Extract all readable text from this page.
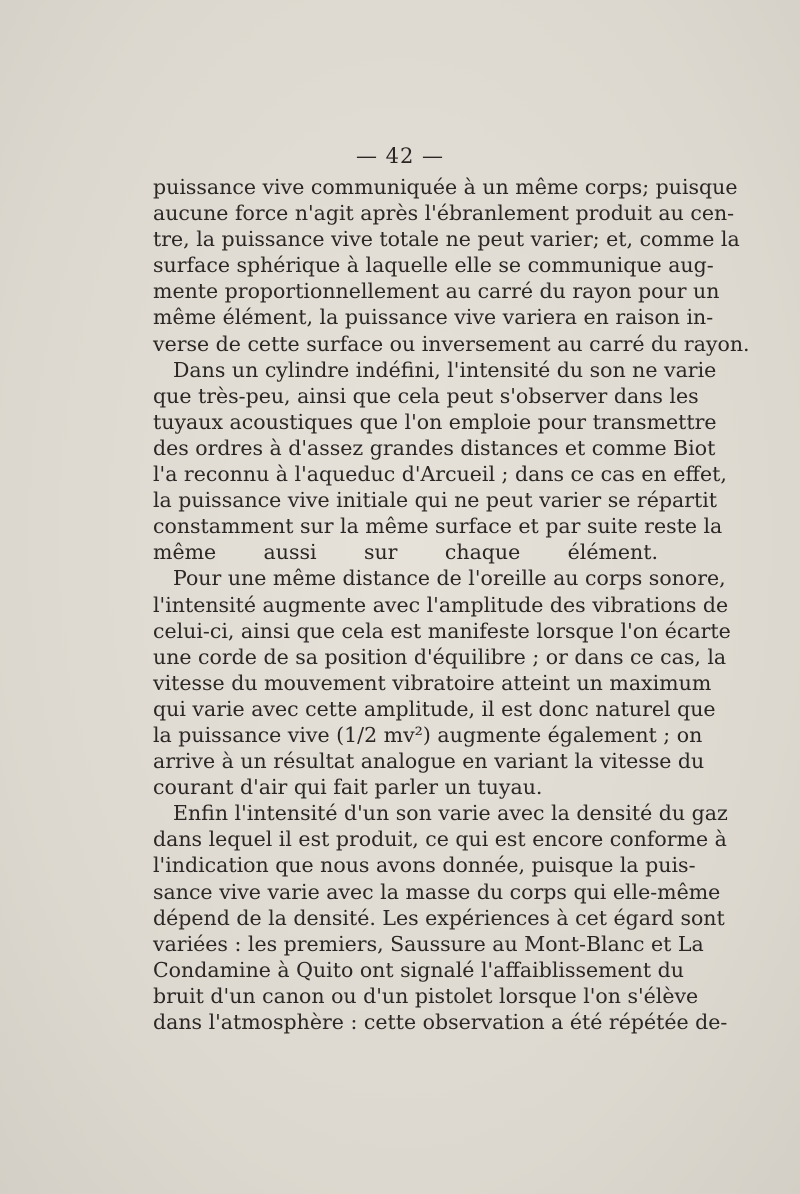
— 42 —
puissance vive communiquée à un même corps; puisque
aucune force n'agit après l'ébranlement produit au cen-
tre, la puissance vive totale ne peut varier; et, comme la
surface sphérique à laquelle elle se communique aug-
mente proportionnellement au carré du rayon pour un
même élément, la puissance vive variera en raison in-
verse de cette surface ou inversement au carré du rayon.
Dans un cylindre indéfini, l'intensité du son ne varie
que très-peu, ainsi que cela peut s'observer dans les
tuyaux acoustiques que l'on emploie pour transmettre
des ordres à d'assez grandes distances et comme Biot
l'a reconnu à l'aqueduc d'Arcueil ; dans ce cas en effet,
la puissance vive initiale qui ne peut varier se répartit
constamment sur la même surface et par suite reste la
même aussi sur chaque élément.
Pour une même distance de l'oreille au corps sonore,
l'intensité augmente avec l'amplitude des vibrations de
celui-ci, ainsi que cela est manifeste lorsque l'on écarte
une corde de sa position d'équilibre ; or dans ce cas, la
vitesse du mouvement vibratoire atteint un maximum
qui varie avec cette amplitude, il est donc naturel que
la puissance vive (1/2 mv²) augmente également ; on
arrive à un résultat analogue en variant la vitesse du
courant d'air qui fait parler un tuyau.
Enfin l'intensité d'un son varie avec la densité du gaz
dans lequel il est produit, ce qui est encore conforme à
l'indication que nous avons donnée, puisque la puis-
sance vive varie avec la masse du corps qui elle-même
dépend de la densité. Les expériences à cet égard sont
variées : les premiers, Saussure au Mont-Blanc et La
Condamine à Quito ont signalé l'affaiblissement du
bruit d'un canon ou d'un pistolet lorsque l'on s'élève
dans l'atmosphère : cette observation a été répétée de-
